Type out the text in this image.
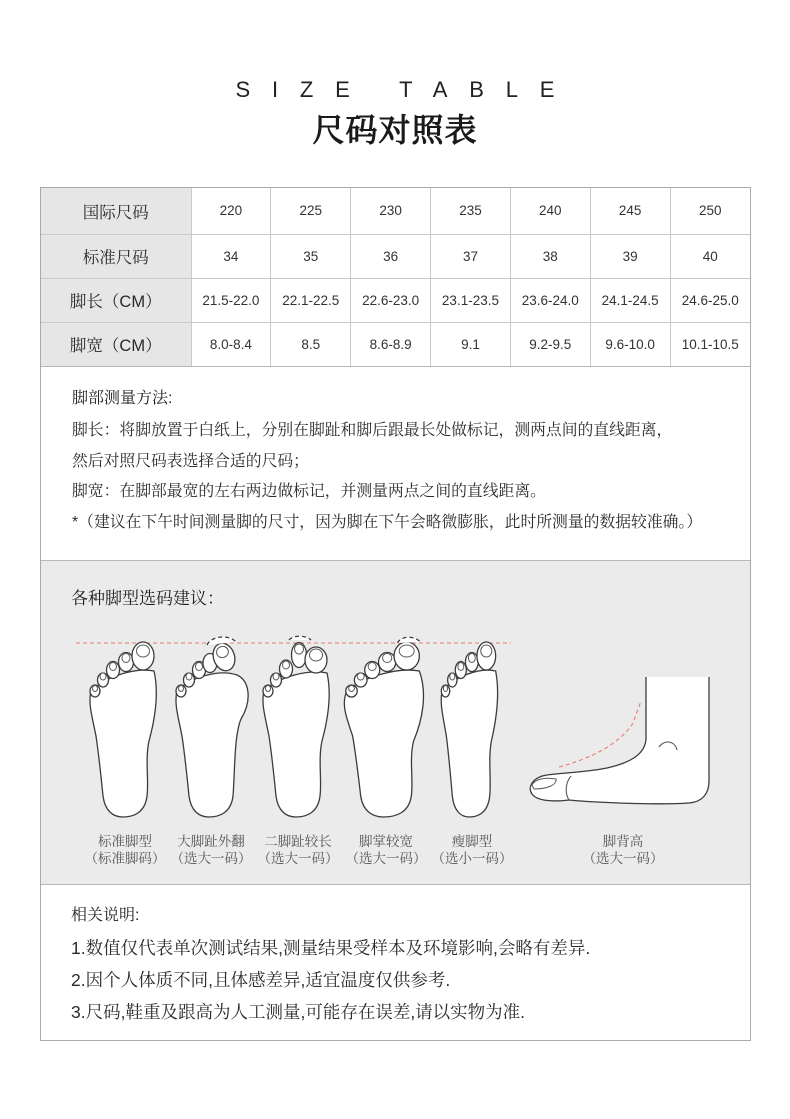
SIZE TABLE
尺码对照表
国际尺码	220	225	230	235	240	245	250
标准尺码	34	35	36	37	38	39	40
脚长（CM）	21.5-22.0	22.1-22.5	22.6-23.0	23.1-23.5	23.6-24.0	24.1-24.5	24.6-25.0
脚宽（CM）	8.0-8.4	8.5	8.6-8.9	9.1	9.2-9.5	9.6-10.0	10.1-10.5
脚部测量方法:
脚长：将脚放置于白纸上，分别在脚趾和脚后跟最长处做标记，测两点间的直线距离，
然后对照尺码表选择合适的尺码；
脚宽：在脚部最宽的左右两边做标记，并测量两点之间的直线距离。
*（建议在下午时间测量脚的尺寸，因为脚在下午会略微膨胀，此时所测量的数据较准确。）
各种脚型选码建议：
标准脚型
（标准脚码）
大脚趾外翻
（选大一码）
二脚趾较长
（选大一码）
脚掌较宽
（选大一码）
瘦脚型
（选小一码）
脚背高
（选大一码）
相关说明:
1.数值仅代表单次测试结果,测量结果受样本及环境影响,会略有差异.
2.因个人体质不同,且体感差异,适宜温度仅供参考.
3.尺码,鞋重及跟高为人工测量,可能存在误差,请以实物为准.
